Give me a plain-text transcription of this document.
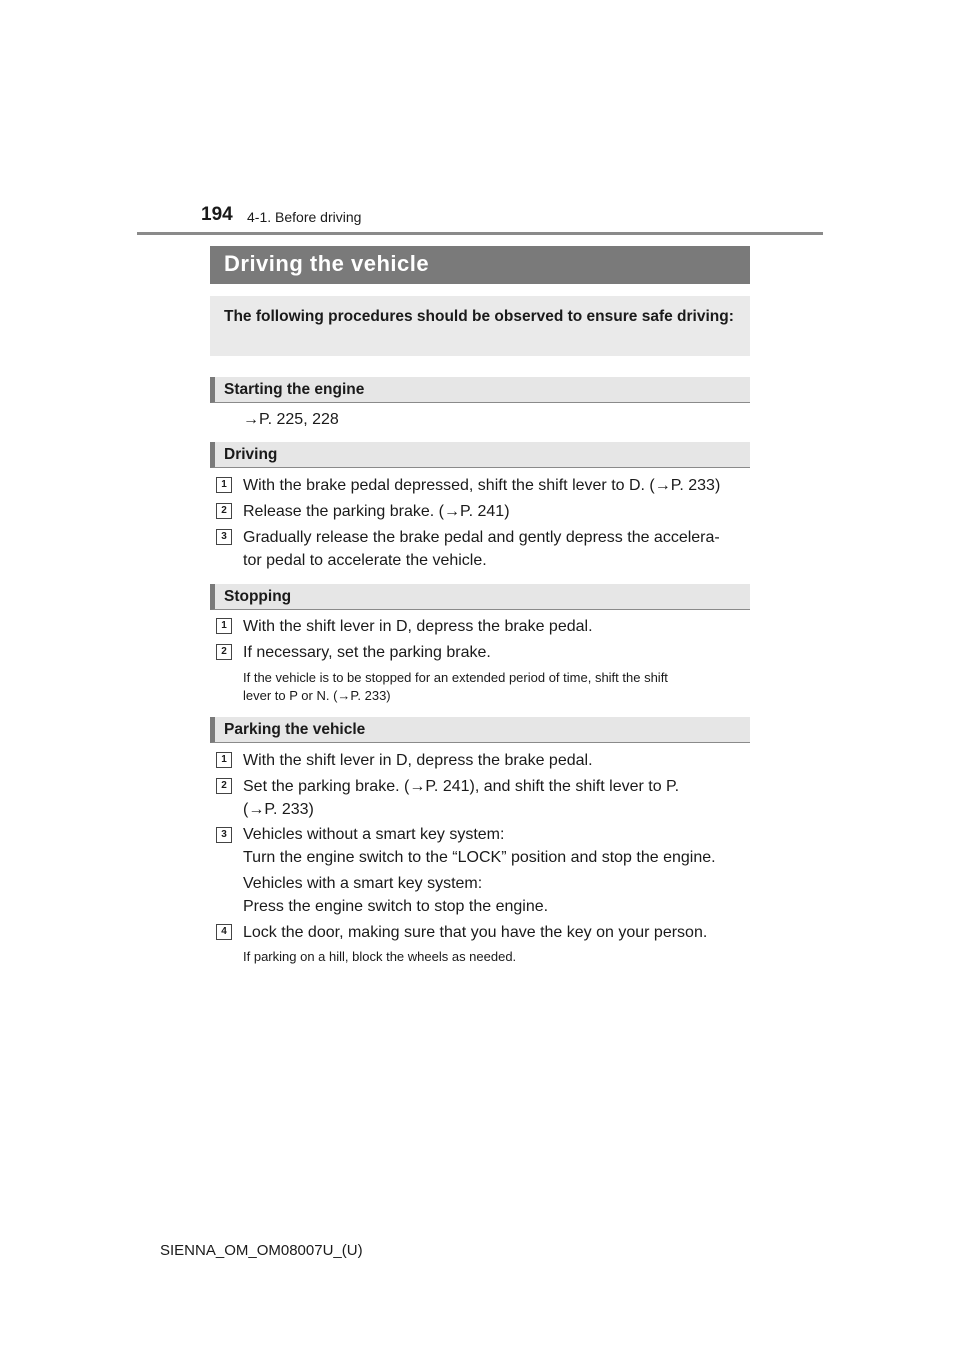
194 4-1. Before driving
Driving the vehicle
The following procedures should be observed to ensure safe driving:
Starting the engine
→P. 225, 228
Driving
1	With the brake pedal depressed, shift the shift lever to D. (→P. 233)
2	Release the parking brake. (→P. 241)
3	Gradually release the brake pedal and gently depress the accelera-
tor pedal to accelerate the vehicle.
Stopping
1	With the shift lever in D, depress the brake pedal.
2	If necessary, set the parking brake.
If the vehicle is to be stopped for an extended period of time, shift the shift
lever to P or N. (→P. 233)
Parking the vehicle
1	With the shift lever in D, depress the brake pedal.
2	Set the parking brake. (→P. 241), and shift the shift lever to P.
(→P. 233)
3	Vehicles without a smart key system:
Turn the engine switch to the “LOCK” position and stop the engine.
Vehicles with a smart key system:
Press the engine switch to stop the engine.
4	Lock the door, making sure that you have the key on your person.
If parking on a hill, block the wheels as needed.
SIENNA_OM_OM08007U_(U)
